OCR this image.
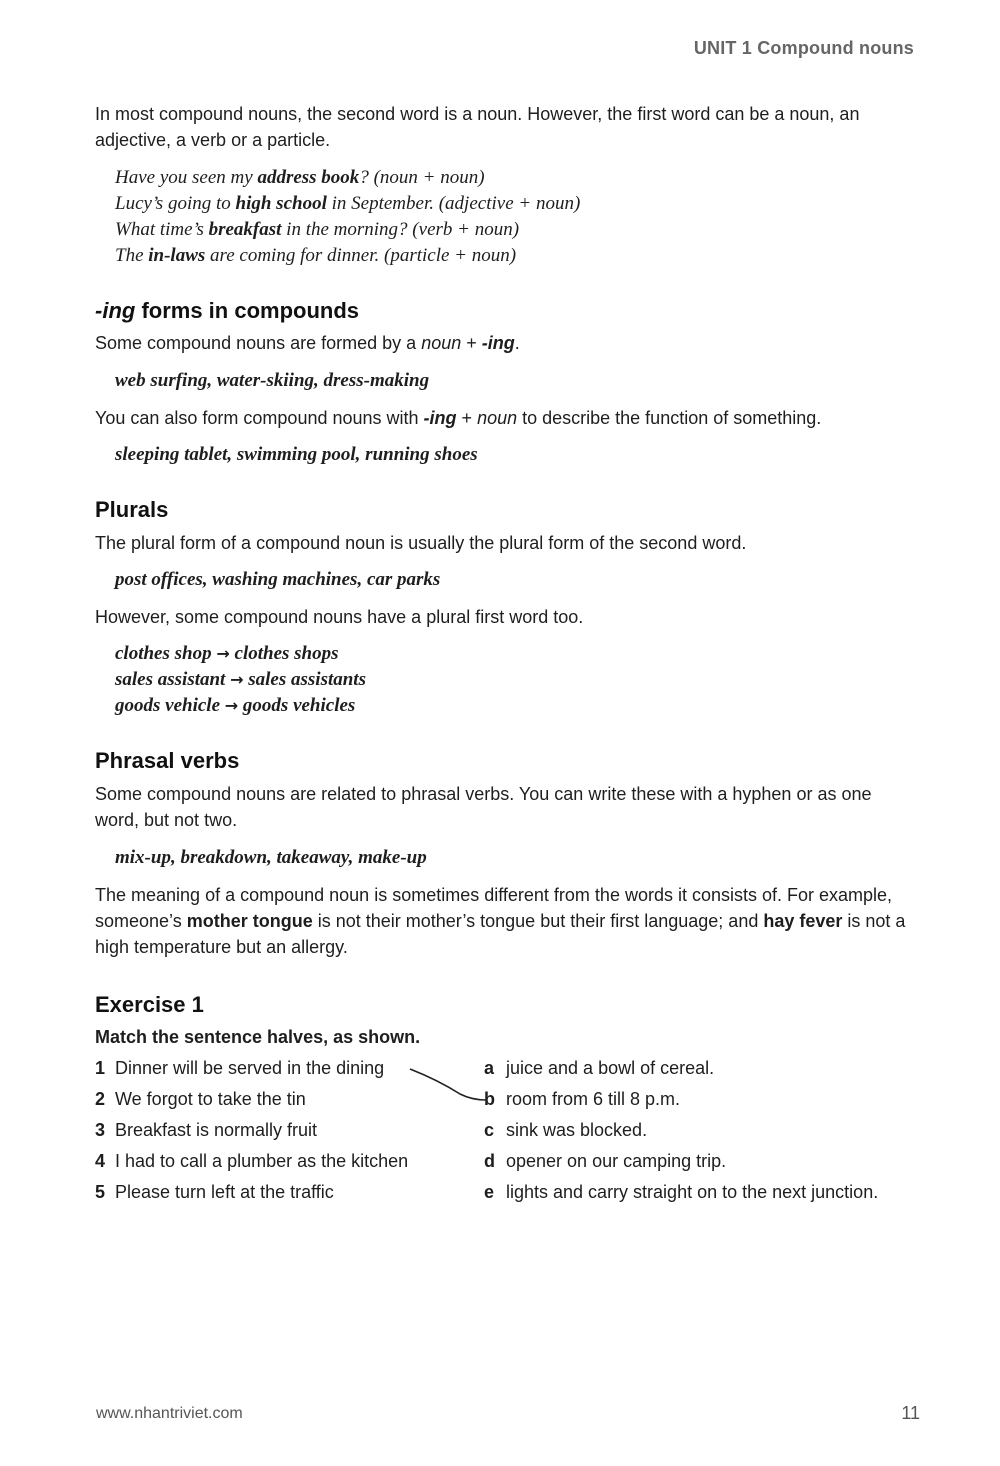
UNIT 1 Compound nouns
In most compound nouns, the second word is a noun. However, the first word can be a noun, an adjective, a verb or a particle.
Have you seen my address book? (noun + noun)
Lucy’s going to high school in September. (adjective + noun)
What time’s breakfast in the morning? (verb + noun)
The in-laws are coming for dinner. (particle + noun)
-ing forms in compounds
Some compound nouns are formed by a noun + -ing.
web surfing, water-skiing, dress-making
You can also form compound nouns with -ing + noun to describe the function of something.
sleeping tablet, swimming pool, running shoes
Plurals
The plural form of a compound noun is usually the plural form of the second word.
post offices, washing machines, car parks
However, some compound nouns have a plural first word too.
clothes shop → clothes shops
sales assistant → sales assistants
goods vehicle → goods vehicles
Phrasal verbs
Some compound nouns are related to phrasal verbs. You can write these with a hyphen or as one word, but not two.
mix-up, breakdown, takeaway, make-up
The meaning of a compound noun is sometimes different from the words it consists of. For example, someone’s mother tongue is not their mother’s tongue but their first language; and hay fever is not a high temperature but an allergy.
Exercise 1
Match the sentence halves, as shown.
1 Dinner will be served in the dining
2 We forgot to take the tin
3 Breakfast is normally fruit
4 I had to call a plumber as the kitchen
5 Please turn left at the traffic
a juice and a bowl of cereal.
b room from 6 till 8 p.m.
c sink was blocked.
d opener on our camping trip.
e lights and carry straight on to the next junction.
www.nhantriviet.com	11
